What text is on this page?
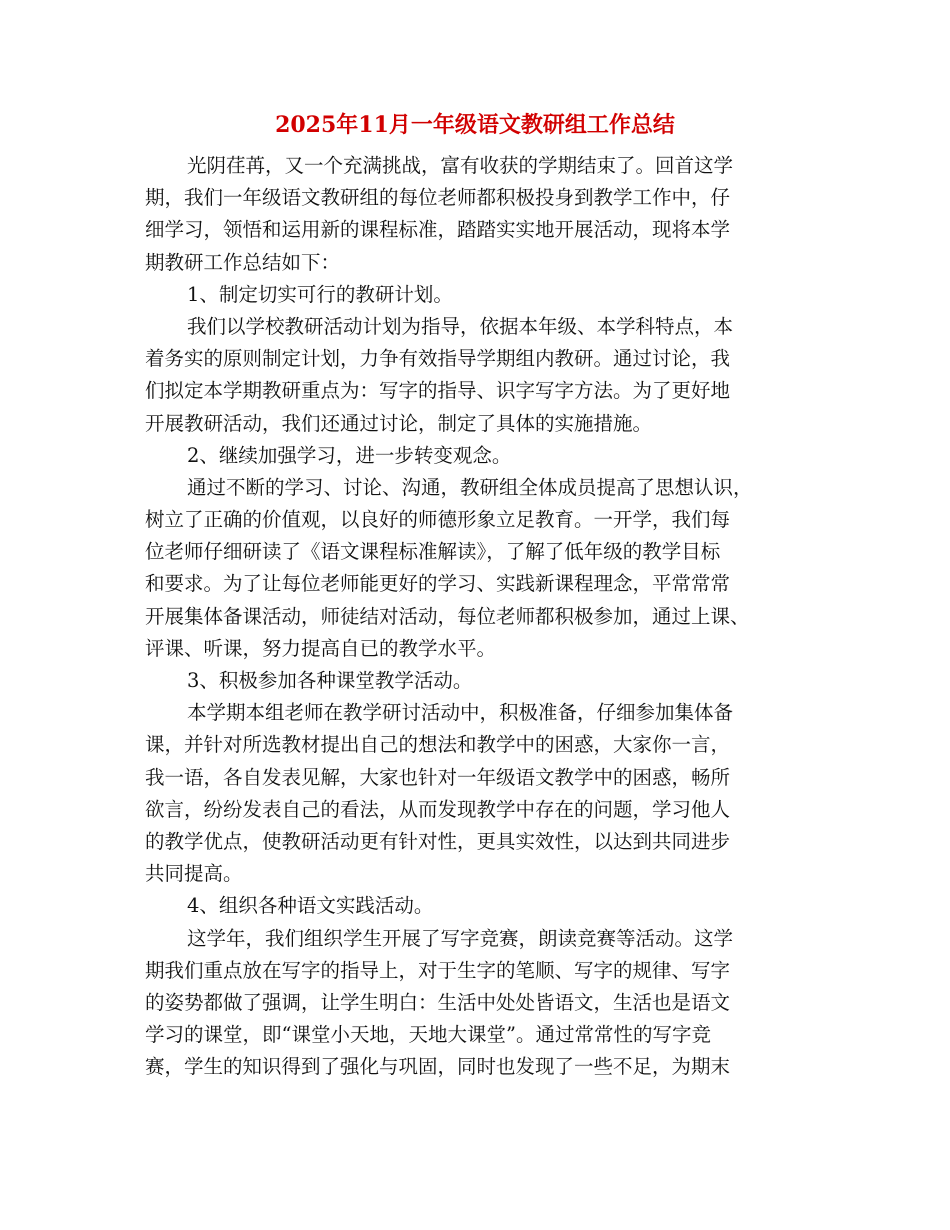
2025年11月一年级语文教研组工作总结
光阴荏苒，又一个充满挑战，富有收获的学期结束了。回首这学
期，我们一年级语文教研组的每位老师都积极投身到教学工作中，仔
细学习，领悟和运用新的课程标准，踏踏实实地开展活动，现将本学
期教研工作总结如下：
1、制定切实可行的教研计划。
我们以学校教研活动计划为指导，依据本年级、本学科特点，本
着务实的原则制定计划，力争有效指导学期组内教研。通过讨论，我
们拟定本学期教研重点为：写字的指导、识字写字方法。为了更好地
开展教研活动，我们还通过讨论，制定了具体的实施措施。
2、继续加强学习，进一步转变观念。
通过不断的学习、讨论、沟通，教研组全体成员提高了思想认识，
树立了正确的价值观，以良好的师德形象立足教育。一开学，我们每
位老师仔细研读了《语文课程标准解读》，了解了低年级的教学目标
和要求。为了让每位老师能更好的学习、实践新课程理念，平常常常
开展集体备课活动，师徒结对活动，每位老师都积极参加，通过上课、
评课、听课，努力提高自已的教学水平。
3、积极参加各种课堂教学活动。
本学期本组老师在教学研讨活动中，积极准备，仔细参加集体备
课，并针对所选教材提出自己的想法和教学中的困惑，大家你一言，
我一语，各自发表见解，大家也针对一年级语文教学中的困惑，畅所
欲言，纷纷发表自己的看法，从而发现教学中存在的问题，学习他人
的教学优点，使教研活动更有针对性，更具实效性，以达到共同进步
共同提高。
4、组织各种语文实践活动。
这学年，我们组织学生开展了写字竞赛，朗读竞赛等活动。这学
期我们重点放在写字的指导上，对于生字的笔顺、写字的规律、写字
的姿势都做了强调，让学生明白：生活中处处皆语文，生活也是语文
学习的课堂，即“课堂小天地，天地大课堂”。通过常常性的写字竞
赛，学生的知识得到了强化与巩固，同时也发现了一些不足，为期末
